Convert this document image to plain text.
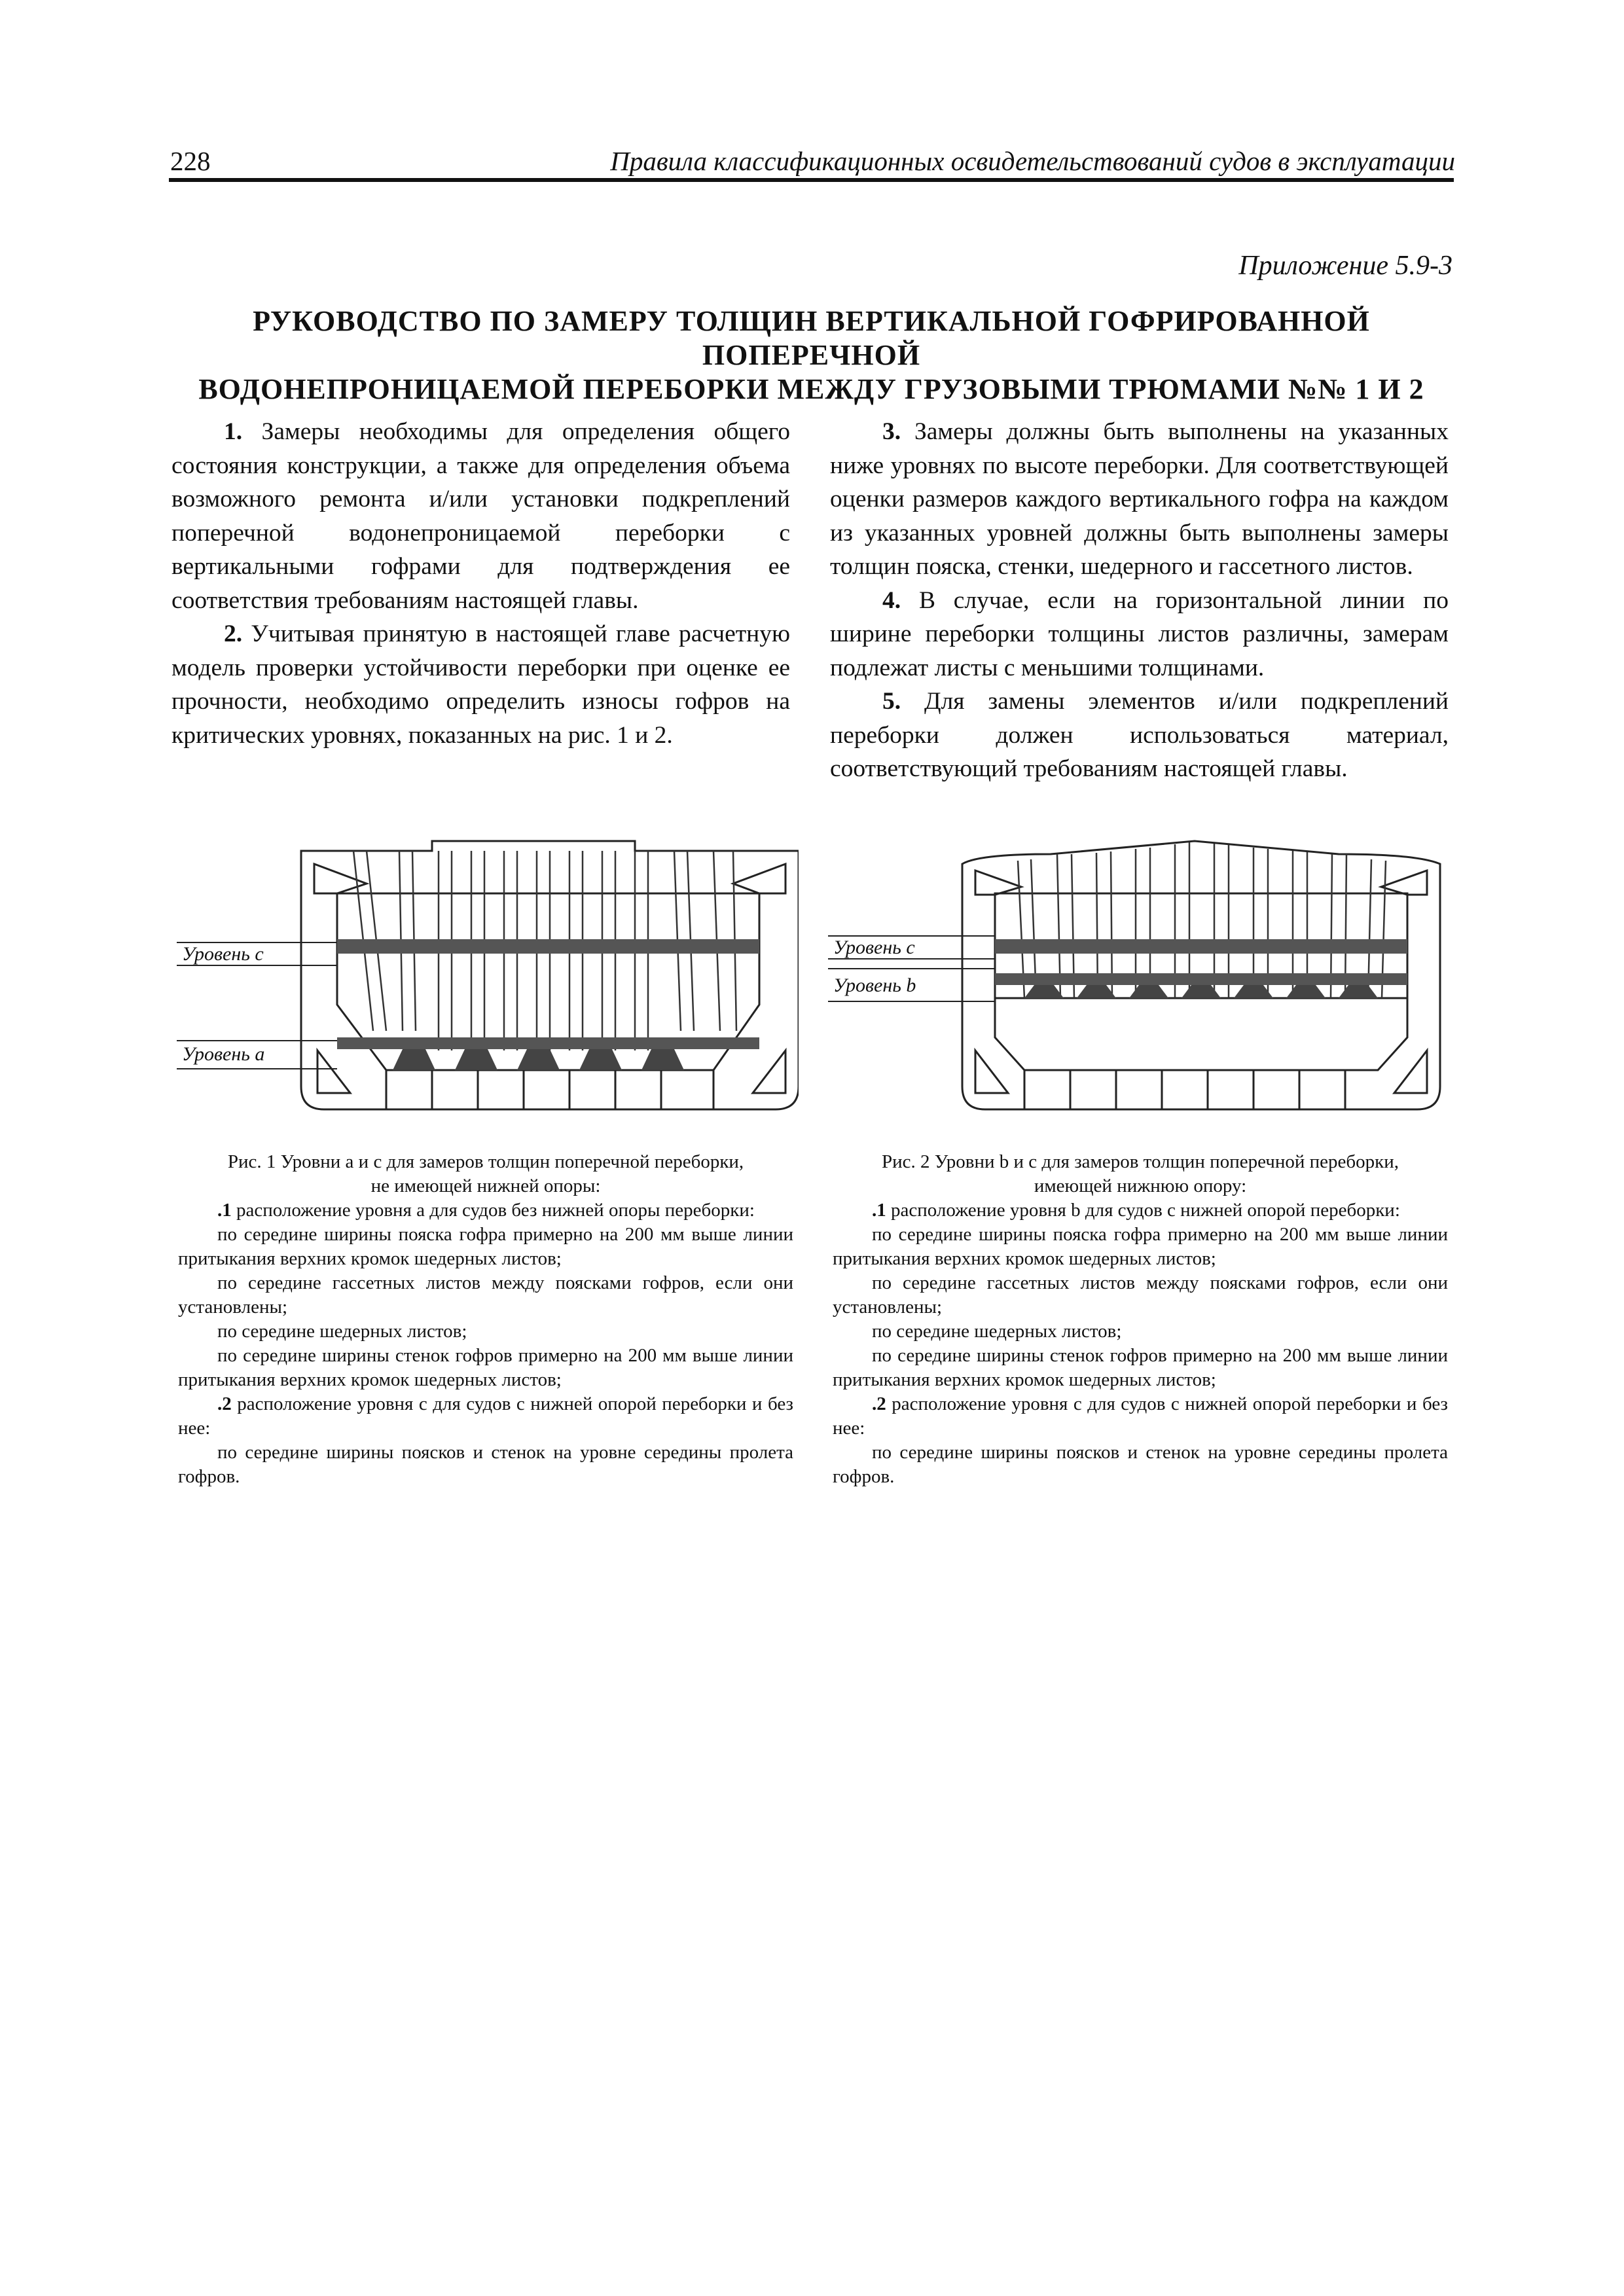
228	Правила классификационных освидетельствований судов в эксплуатации
Приложение 5.9-3
РУКОВОДСТВО ПО ЗАМЕРУ ТОЛЩИН ВЕРТИКАЛЬНОЙ ГОФРИРОВАННОЙ ПОПЕРЕЧНОЙ
ВОДОНЕПРОНИЦАЕМОЙ ПЕРЕБОРКИ МЕЖДУ ГРУЗОВЫМИ ТРЮМАМИ №№ 1 И 2

1. Замеры необходимы для определения общего состояния конструкции, а также для определения объема возможного ремонта и/или установки подкреплений поперечной водонепроницаемой переборки с вертикальными гофрами для подтверждения ее соответствия требованиям настоящей главы.

2. Учитывая принятую в настоящей главе расчетную модель проверки устойчивости переборки при оценке ее прочности, необходимо определить износы гофров на критических уровнях, показанных на рис. 1 и 2.

3. Замеры должны быть выполнены на указанных ниже уровнях по высоте переборки. Для соответствующей оценки размеров каждого вертикального гофра на каждом из указанных уровней должны быть выполнены замеры толщин пояска, стенки, шедерного и гассетного листов.

4. В случае, если на горизонтальной линии по ширине переборки толщины листов различны, замерам подлежат листы с меньшими толщинами.

5. Для замены элементов и/или подкреплений переборки должен использоваться материал, соответствующий требованиям настоящей главы.

Уровень c
Уровень a
Уровень c
Уровень b
Рис. 1 Уровни a и c для замеров толщин поперечной переборки,
не имеющей нижней опоры:

.1 расположение уровня a для судов без нижней опоры переборки:

по середине ширины пояска гофра примерно на 200 мм выше линии притыкания верхних кромок шедерных листов;

по середине гассетных листов между поясками гофров, если они установлены;

по середине шедерных листов;

по середине ширины стенок гофров примерно на 200 мм выше линии притыкания верхних кромок шедерных листов;

.2 расположение уровня c для судов с нижней опорой переборки и без нее:

по середине ширины поясков и стенок на уровне середины пролета гофров.

Рис. 2 Уровни b и c для замеров толщин поперечной переборки,
имеющей нижнюю опору:

.1 расположение уровня b для судов с нижней опорой переборки:

по середине ширины пояска гофра примерно на 200 мм выше линии притыкания верхних кромок шедерных листов;

по середине гассетных листов между поясками гофров, если они установлены;

по середине шедерных листов;

по середине ширины стенок гофров примерно на 200 мм выше линии притыкания верхних кромок шедерных листов;

.2 расположение уровня c для судов с нижней опорой переборки и без нее:

по середине ширины поясков и стенок на уровне середины пролета гофров.
